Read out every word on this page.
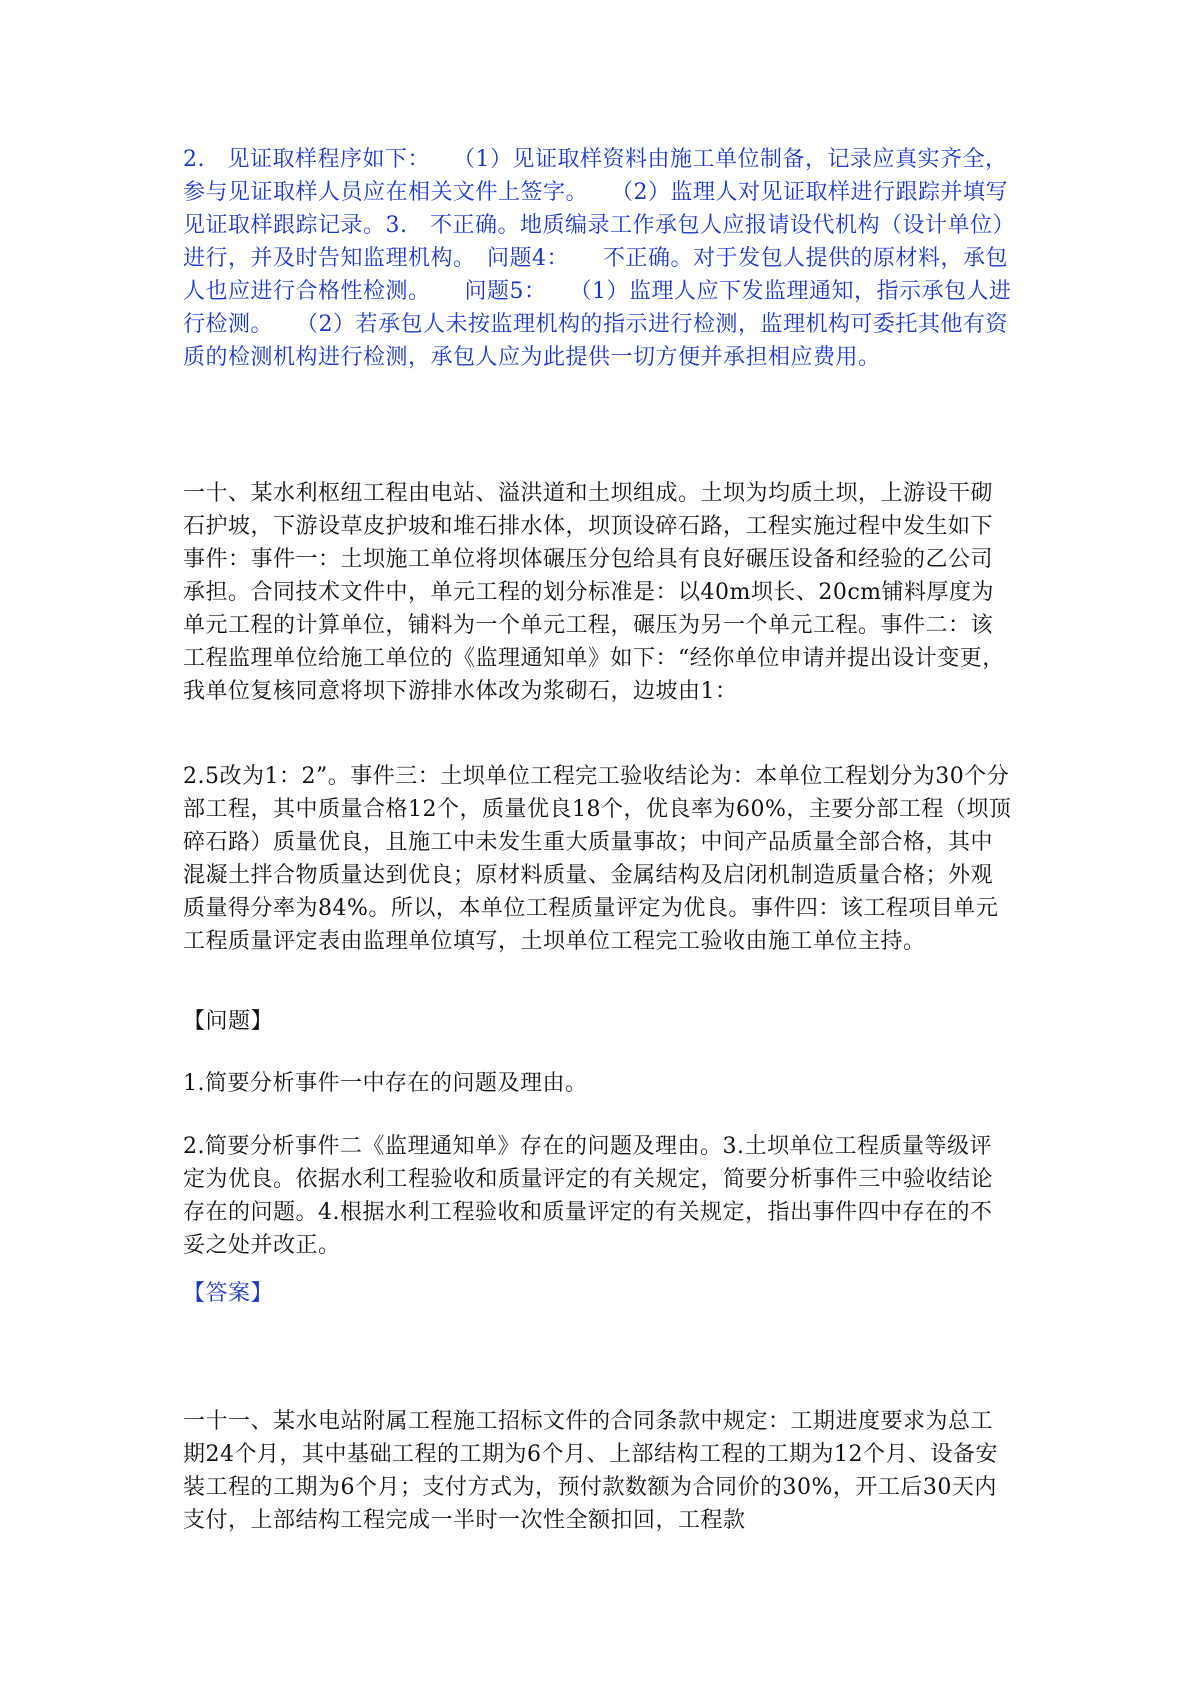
2.　见证取样程序如下：　　（1）见证取样资料由施工单位制备，记录应真实齐全，参与见证取样人员应在相关文件上签字。　　（2）监理人对见证取样进行跟踪并填写见证取样跟踪记录。3.　不正确。地质编录工作承包人应报请设代机构（设计单位）进行，并及时告知监理机构。　问题4：　　不正确。对于发包人提供的原材料，承包人也应进行合格性检测。　　问题5：　　（1）监理人应下发监理通知，指示承包人进行检测。　　（2）若承包人未按监理机构的指示进行检测，监理机构可委托其他有资质的检测机构进行检测，承包人应为此提供一切方便并承担相应费用。

一十、某水利枢纽工程由电站、溢洪道和土坝组成。土坝为均质土坝，上游设干砌石护坡，下游设草皮护坡和堆石排水体，坝顶设碎石路，工程实施过程中发生如下事件：事件一：土坝施工单位将坝体碾压分包给具有良好碾压设备和经验的乙公司承担。合同技术文件中，单元工程的划分标准是：以40m坝长、20cm铺料厚度为单元工程的计算单位，铺料为一个单元工程，碾压为另一个单元工程。事件二：该工程监理单位给施工单位的《监理通知单》如下：“经你单位申请并提出设计变更，我单位复核同意将坝下游排水体改为浆砌石，边坡由1：

2.5改为1：2”。事件三：土坝单位工程完工验收结论为：本单位工程划分为30个分部工程，其中质量合格12个，质量优良18个，优良率为60%，主要分部工程（坝顶碎石路）质量优良，且施工中未发生重大质量事故；中间产品质量全部合格，其中混凝土拌合物质量达到优良；原材料质量、金属结构及启闭机制造质量合格；外观质量得分率为84%。所以，本单位工程质量评定为优良。事件四：该工程项目单元工程质量评定表由监理单位填写，土坝单位工程完工验收由施工单位主持。

【问题】

1.简要分析事件一中存在的问题及理由。

2.简要分析事件二《监理通知单》存在的问题及理由。3.土坝单位工程质量等级评定为优良。依据水利工程验收和质量评定的有关规定，简要分析事件三中验收结论存在的问题。4.根据水利工程验收和质量评定的有关规定，指出事件四中存在的不妥之处并改正。

【答案】

一十一、某水电站附属工程施工招标文件的合同条款中规定：工期进度要求为总工期24个月，其中基础工程的工期为6个月、上部结构工程的工期为12个月、设备安装工程的工期为6个月；支付方式为，预付款数额为合同价的30%，开工后30天内支付，上部结构工程完成一半时一次性全额扣回，工程款
